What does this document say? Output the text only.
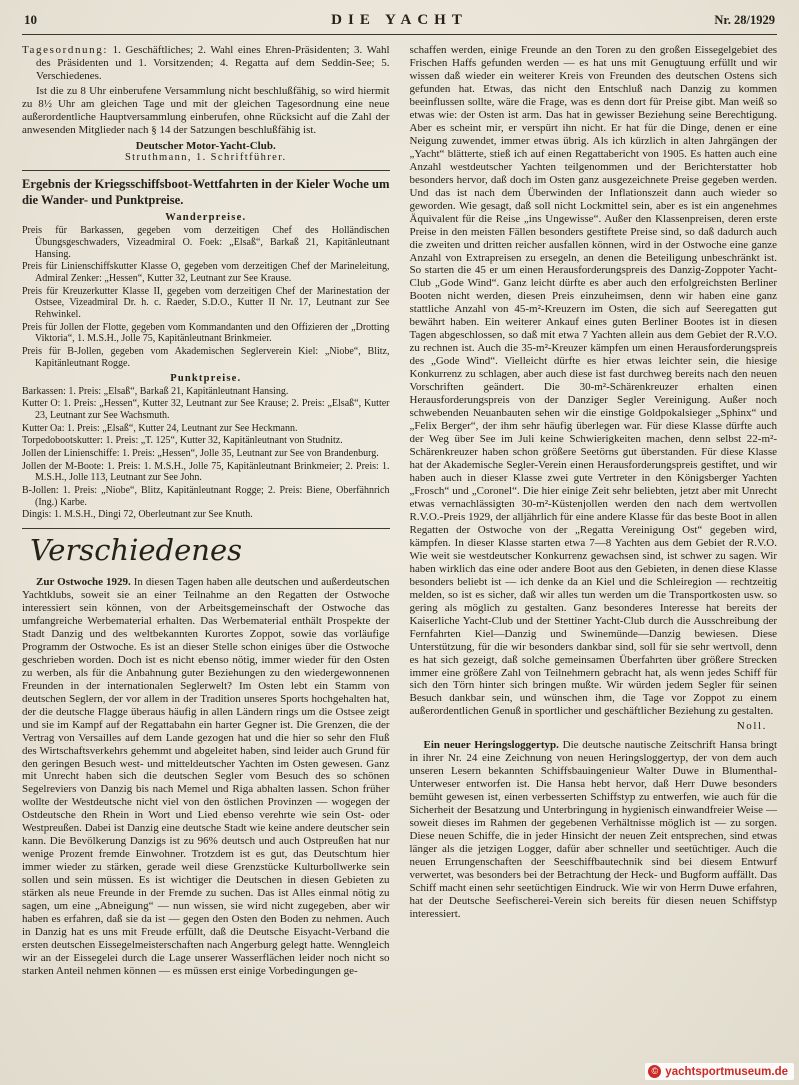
10	DIE YACHT	Nr. 28/1929

Tagesordnung: 1. Geschäftliches; 2. Wahl eines Ehren-Präsidenten; 3. Wahl des Präsidenten und 1. Vorsitzenden; 4. Regatta auf dem Seddin-See; 5. Verschiedenes.

Ist die zu 8 Uhr einberufene Versammlung nicht beschlußfähig, so wird hiermit zu 8½ Uhr am gleichen Tage und mit der gleichen Tagesordnung eine neue außerordentliche Hauptversammlung einberufen, ohne Rücksicht auf die Zahl der anwesenden Mitglieder nach § 14 der Satzungen beschlußfähig ist.

Deutscher Motor-Yacht-Club.

Struthmann, 1. Schriftführer.

Ergebnis der Kriegsschiffsboot-Wettfahrten in der Kieler Woche um die Wander- und Punktpreise.
Wanderpreise.

Preis für Barkassen, gegeben vom derzeitigen Chef des Holländischen Übungsgeschwaders, Vizeadmiral O. Foek: „Elsaß“, Barkaß 21, Kapitänleutnant Hansing.

Preis für Linienschiffskutter Klasse O, gegeben vom derzeitigen Chef der Marineleitung, Admiral Zenker: „Hessen“, Kutter 32, Leutnant zur See Krause.

Preis für Kreuzerkutter Klasse II, gegeben vom derzeitigen Chef der Marinestation der Ostsee, Vizeadmiral Dr. h. c. Raeder, S.D.O., Kutter II Nr. 17, Leutnant zur See Rehwinkel.

Preis für Jollen der Flotte, gegeben vom Kommandanten und den Offizieren der „Drotting Viktoria“, 1. M.S.H., Jolle 75, Kapitänleutnant Brinkmeier.

Preis für B-Jollen, gegeben vom Akademischen Seglerverein Kiel: „Niobe“, Blitz, Kapitänleutnant Rogge.

Punktpreise.

Barkassen: 1. Preis: „Elsaß“, Barkaß 21, Kapitänleutnant Hansing.

Kutter O: 1. Preis: „Hessen“, Kutter 32, Leutnant zur See Krause; 2. Preis: „Elsaß“, Kutter 23, Leutnant zur See Wachsmuth.

Kutter Oa: 1. Preis: „Elsaß“, Kutter 24, Leutnant zur See Heckmann.

Torpedobootskutter: 1. Preis: „T. 125“, Kutter 32, Kapitänleutnant von Studnitz.

Jollen der Linienschiffe: 1. Preis: „Hessen“, Jolle 35, Leutnant zur See von Brandenburg.

Jollen der M-Boote: 1. Preis: 1. M.S.H., Jolle 75, Kapitänleutnant Brinkmeier; 2. Preis: 1. M.S.H., Jolle 113, Leutnant zur See John.

B-Jollen: 1. Preis: „Niobe“, Blitz, Kapitänleutnant Rogge; 2. Preis: Biene, Oberfähnrich (Ing.) Karbe.

Dingis: 1. M.S.H., Dingi 72, Oberleutnant zur See Knuth.

Verschiedenes

Zur Ostwoche 1929. In diesen Tagen haben alle deutschen und außerdeutschen Yachtklubs, soweit sie an einer Teilnahme an den Regatten der Ostwoche interessiert sein können, von der Arbeitsgemeinschaft der Ostwoche das umfangreiche Werbematerial erhalten. Das Werbematerial enthält Prospekte der Stadt Danzig und des weltbekannten Kurortes Zoppot, sowie das vorläufige Programm der Ostwoche. Es ist an dieser Stelle schon einiges über die Ostwoche geschrieben worden. Doch ist es nicht ebenso nötig, immer wieder für den Osten zu werben, als für die Anbahnung guter Beziehungen zu den wiedergewonnenen Freunden in der internationalen Seglerwelt? Im Osten lebt ein Stamm von deutschen Seglern, der vor allem in der Tradition unseres Sports hochgehalten hat, der die deutsche Flagge überaus häufig in allen Ländern rings um die Ostsee zeigt und sie im Kampf auf der Regattabahn ein harter Gegner ist. Die Grenzen, die der Vertrag von Versailles auf dem Lande gezogen hat und die hier so sehr den Fluß des Wirtschaftsverkehrs gehemmt und abgeleitet haben, sind leider auch Grund für den geringen Besuch west- und mitteldeutscher Yachten im Osten gewesen. Ganz mit Unrecht haben sich die deutschen Segler vom Besuch des so schönen Segelreviers von Danzig bis nach Memel und Riga abhalten lassen. Schon früher wollte der Westdeutsche nicht viel von den östlichen Provinzen — wogegen der Ostdeutsche den Rhein in Wort und Lied ebenso verehrte wie sein Ost- oder Westpreußen. Dabei ist Danzig eine deutsche Stadt wie keine andere deutscher sein kann. Die Bevölkerung Danzigs ist zu 96% deutsch und auch Ostpreußen hat nur wenige Prozent fremde Einwohner. Trotzdem ist es gut, das Deutschtum hier immer wieder zu stärken, gerade weil diese Grenzstücke Kulturbollwerke sein sollen und sein müssen. Es ist wichtiger die Deutschen in diesen Gebieten zu stärken als neue Freunde in der Fremde zu suchen. Das ist Alles einmal nötig zu sagen, um eine „Abneigung“ — nun wissen, sie wird nicht zugegeben, aber wir haben es erfahren, daß sie da ist — gegen den Osten den Boden zu nehmen. Auch in Danzig hat es uns mit Freude erfüllt, daß die Deutsche Eisyacht-Verband die ersten deutschen Eissegelmeisterschaften nach Angerburg gelegt hatte. Wenngleich wir an der Eissegelei durch die Lage unserer Wasserflächen leider noch nicht so starken Anteil nehmen können — es müssen erst einige Vorbedingungen ge-

schaffen werden, einige Freunde an den Toren zu den großen Eissegelgebiet des Frischen Haffs gefunden werden — es hat uns mit Genugtuung erfüllt und wir wissen daß wieder ein weiterer Kreis von Freunden des deutschen Ostens sich gefunden hat. Etwas, das nicht den Entschluß nach Danzig zu kommen beeinflussen sollte, wäre die Frage, was es denn dort für Preise gibt. Man weiß so etwas wie: der Osten ist arm. Das hat in gewisser Beziehung seine Berechtigung. Aber es scheint mir, er verspürt ihn nicht. Er hat für die Dinge, denen er eine Neigung zuwendet, immer etwas übrig. Als ich kürzlich in alten Jahrgängen der „Yacht“ blätterte, stieß ich auf einen Regattabericht von 1905. Es hatten auch eine Anzahl westdeutscher Yachten teilgenommen und der Berichterstatter hob besonders hervor, daß doch im Osten ganz ausgezeichnete Preise gegeben werden. Und das ist nach dem Überwinden der Inflationszeit dann auch wieder so geworden. Wie gesagt, daß soll nicht Lockmittel sein, aber es ist ein angenehmes Äquivalent für die Reise „ins Ungewisse“. Außer den Klassenpreisen, deren erste Preise in den meisten Fällen besonders gestiftete Preise sind, so daß dadurch auch die zweiten und dritten reicher ausfallen können, wird in der Ostwoche eine ganze Anzahl von Extrapreisen zu ersegeln, an denen die Beteiligung unbeschränkt ist. So starten die 45 er um einen Herausforderungspreis des Danzig-Zoppoter Yacht-Club „Gode Wind“. Ganz leicht dürfte es aber auch den erfolgreichsten Berliner Booten nicht werden, diesen Preis einzuheimsen, denn wir haben eine ganz stattliche Anzahl von 45-m²-Kreuzern im Osten, die sich auf Seeregatten gut bewährt haben. Ein weiterer Ankauf eines guten Berliner Bootes ist in diesen Tagen abgeschlossen, so daß mit etwa 7 Yachten allein aus dem Gebiet der R.V.O. zu rechnen ist. Auch die 35-m²-Kreuzer kämpfen um einen Herausforderungspreis des „Gode Wind“. Vielleicht dürfte es hier etwas leichter sein, die hiesige Konkurrenz zu schlagen, aber auch diese ist fast durchweg bereits nach den neuen Vorschriften geändert. Die 30-m²-Schärenkreuzer erhalten einen Herausforderungspreis von der Danziger Segler Vereinigung. Außer noch schwebenden Neuanbauten sehen wir die einstige Goldpokalsieger „Sphinx“ und „Felix Berger“, der ihm sehr häufig überlegen war. Für diese Klasse dürfte auch der Weg über See im Juli keine Schwierigkeiten machen, denn selbst 22-m²-Schärenkreuzer haben schon größere Seetörns gut überstanden. Für diese Klasse hat der Akademische Segler-Verein einen Herausforderungspreis gestiftet, und wir haben auch in dieser Klasse zwei gute Vertreter in den Königsberger Yachten „Frosch“ und „Coronel“. Die hier einige Zeit sehr beliebten, jetzt aber mit Unrecht etwas vernachlässigten 30-m²-Küstenjollen werden den nach dem wertvollen R.V.O.-Preis 1929, der alljährlich für eine andere Klasse für das beste Boot in allen Regatten der Ostwoche von der „Regatta Vereinigung Ost“ gegeben wird, kämpfen. In dieser Klasse starten etwa 7—8 Yachten aus dem Gebiet der R.V.O. Wie weit sie westdeutscher Konkurrenz gewachsen sind, ist schwer zu sagen. Wir haben wirklich das eine oder andere Boot aus den Gebieten, in denen diese Klasse besonders beliebt ist — ich denke da an Kiel und die Schleiregion — rechtzeitig melden, so ist es sicher, daß wir alles tun werden um die Transportkosten usw. so gering als möglich zu gestalten. Ganz besonderes Interesse hat bereits der Kaiserliche Yacht-Club und der Stettiner Yacht-Club durch die Ausschreibung der Fernfahrten Kiel—Danzig und Swinemünde—Danzig bewiesen. Diese Unterstützung, für die wir besonders dankbar sind, soll für sie sehr wertvoll, denn es hat sich gezeigt, daß solche gemeinsamen Überfahrten über größere Strecken immer eine größere Zahl von Teilnehmern gebracht hat, als wenn jedes Schiff für sich den Törn hinter sich bringen mußte. Wir würden jedem Segler für seinen Besuch dankbar sein, und wünschen ihm, die Tage vor Zoppot zu einem außerordentlichen Genuß in sportlicher und geschäftlicher Beziehung zu gestalten.

Noll.

Ein neuer Heringsloggertyp. Die deutsche nautische Zeitschrift Hansa bringt in ihrer Nr. 24 eine Zeichnung von neuen Heringsloggertyp, der von dem auch unseren Lesern bekannten Schiffsbauingenieur Walter Duwe in Blumenthal-Unterweser entworfen ist. Die Hansa hebt hervor, daß Herr Duwe besonders bemüht gewesen ist, einen verbesserten Schiffstyp zu entwerfen, wie auch für die Sicherheit der Besatzung und Unterbringung in hygienisch einwandfreier Weise — soweit dieses im Rahmen der gegebenen Verhältnisse möglich ist — zu sorgen. Diese neuen Schiffe, die in jeder Hinsicht der neuen Zeit entsprechen, sind etwas länger als die jetzigen Logger, dafür aber schneller und seetüchtiger. Auch die neuen Errungenschaften der Seeschiffbautechnik sind bei diesem Entwurf verwertet, was besonders bei der Betrachtung der Heck- und Bugform auffällt. Das Schiff macht einen sehr seetüchtigen Eindruck. Wie wir von Herrn Duwe erfahren, hat der Deutsche Seefischerei-Verein sich bereits für diesen neuen Schiffstyp interessiert.

© yachtsportmuseum.de
